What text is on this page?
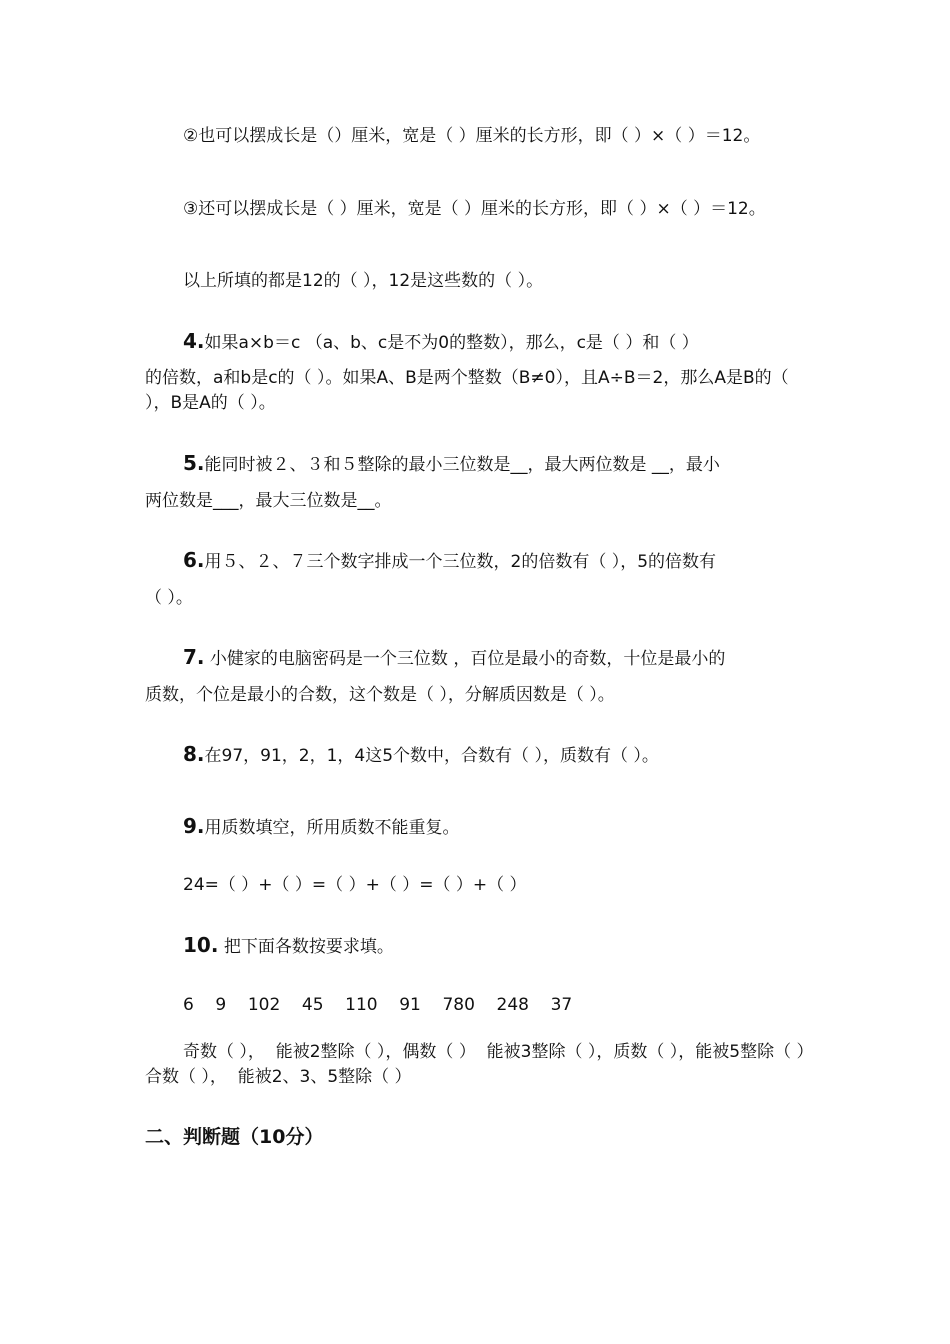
②也可以摆成长是（）厘米，宽是（ ）厘米的长方形，即（ ）×（ ）＝12。

③还可以摆成长是（ ）厘米，宽是（ ）厘米的长方形，即（ ）×（ ）＝12。

以上所填的都是12的（ ），12是这些数的（ ）。

4.如果a×b＝c （a、b、c是不为0的整数），那么，c是（ ）和（ ）

的倍数，a和b是c的（ ）。如果A、B是两个整数（B≠0），且A÷B＝2，那么A是B的（ ），B是A的（ ）。

5.能同时被２、３和５整除的最小三位数是__，最大两位数是 __，最小

两位数是___，最大三位数是__。

6.用５、２、７三个数字排成一个三位数，2的倍数有（ ），5的倍数有

（ ）。

7. 小健家的电脑密码是一个三位数 ，百位是最小的奇数，十位是最小的

质数，个位是最小的合数，这个数是（ ），分解质因数是（ ）。

8.在97，91，2，1，4这5个数中，合数有（ ），质数有（ ）。

9.用质数填空，所用质数不能重复。

24=（ ）+（ ）=（ ）+（ ）=（ ）+（ ）

10. 把下面各数按要求填。

6    9    102    45    110    91    780    248    37

奇数（ ），  能被2整除（ ），偶数（ ）  能被3整除（ ），质数（ ），能被5整除（ ）合数（ ），  能被2、3、5整除（ ）

二、判断题（10分）
